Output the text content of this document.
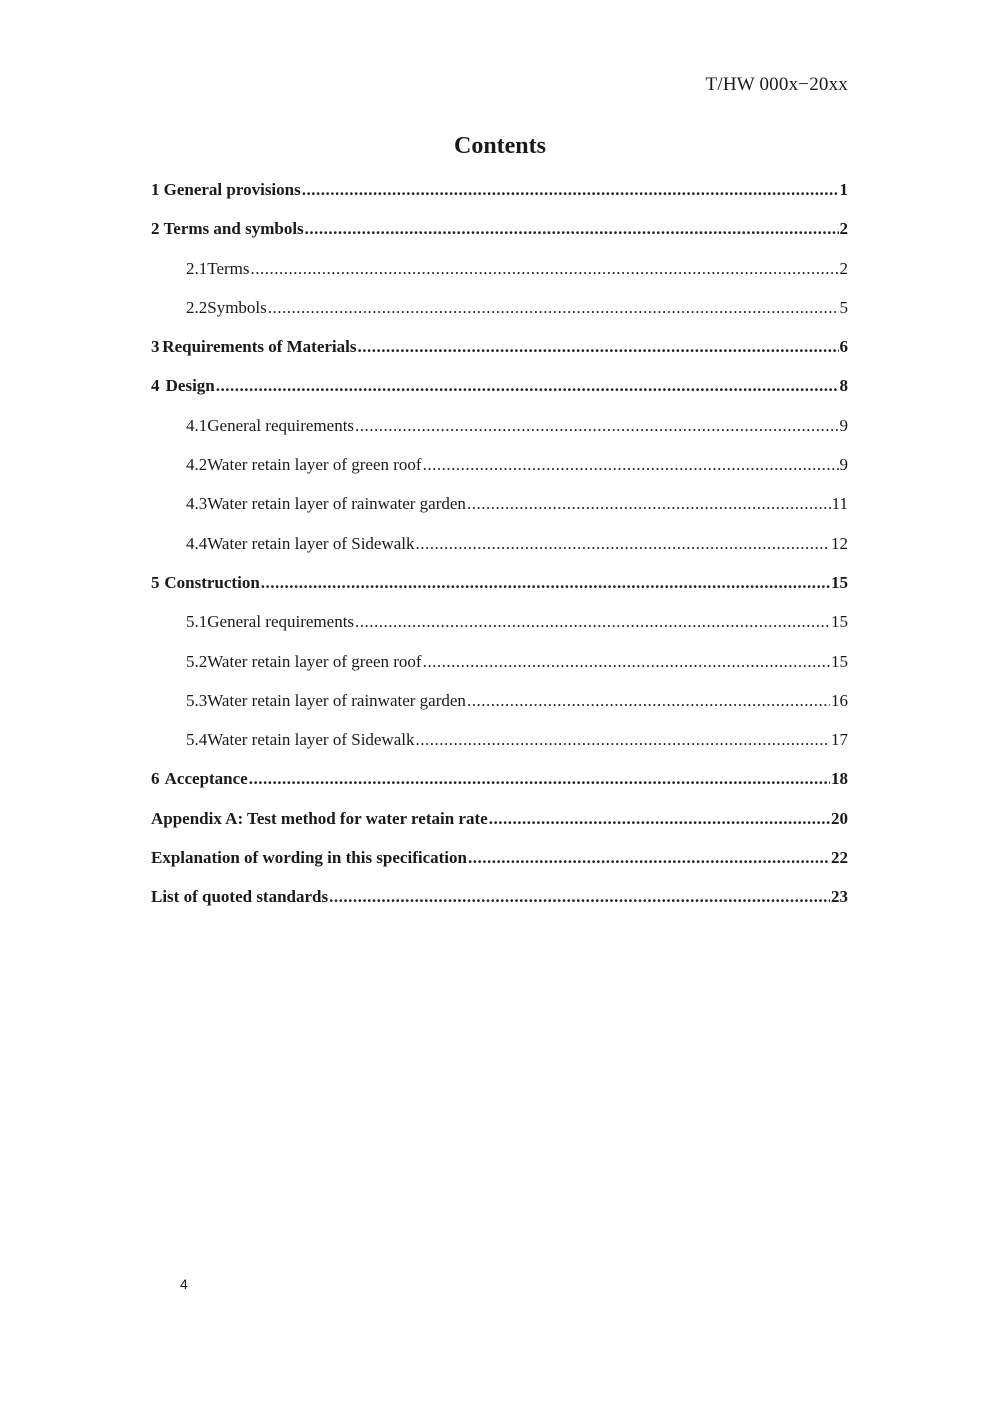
T/HW 000x−20xx
Contents
1 General provisions .....	1
2 Terms and symbols .....	2
2.1 Terms .....	2
2.2 Symbols .....	5
3 Requirements of Materials .....	6
4 Design .....	8
4.1 General requirements .....	9
4.2 Water retain layer of green roof .....	9
4.3 Water retain layer of rainwater garden .....	11
4.4 Water retain layer of Sidewalk .....	12
5 Construction .....	15
5.1 General requirements .....	15
5.2 Water retain layer of green roof .....	15
5.3 Water retain layer of rainwater garden .....	16
5.4 Water retain layer of Sidewalk .....	17
6 Acceptance .....	18
Appendix A: Test method for water retain rate .....	20
Explanation of wording in this specification .....	22
List of quoted standards .....	23
4
